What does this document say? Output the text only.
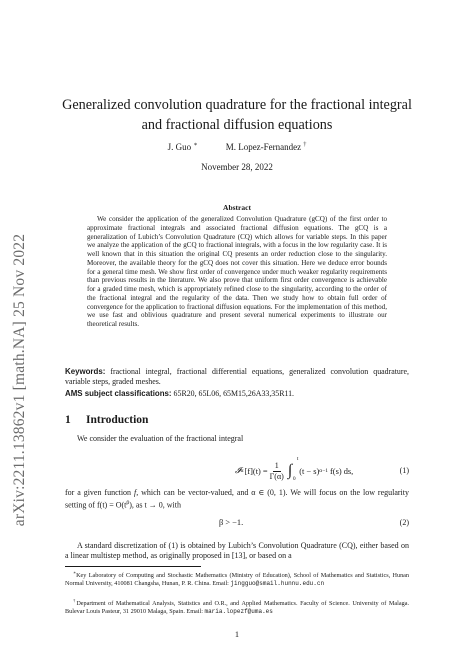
arXiv:2211.13862v1 [math.NA] 25 Nov 2022
Generalized convolution quadrature for the fractional integral
and fractional diffusion equations
J. Guo ∗	M. Lopez-Fernandez †
November 28, 2022
Abstract
We consider the application of the generalized Convolution Quadrature (gCQ) of the first order to approximate fractional integrals and associated fractional diffusion equations. The gCQ is a generalization of Lubich’s Convolution Quadrature (CQ) which allows for variable steps. In this paper we analyze the application of the gCQ to fractional integrals, with a focus in the low regularity case. It is well known that in this situation the original CQ presents an order reduction close to the singularity. Moreover, the available theory for the gCQ does not cover this situation. Here we deduce error bounds for a general time mesh. We show first order of convergence under much weaker regularity requirements than previous results in the literature. We also prove that uniform first order convergence is achievable for a graded time mesh, which is appropriately refined close to the singularity, according to the order of the fractional integral and the regularity of the data. Then we study how to obtain full order of convergence for the application to fractional diffusion equations. For the implementation of this method, we use fast and oblivious quadrature and present several numerical experiments to illustrate our theoretical results.
Keywords: fractional integral, fractional differential equations, generalized convolution quadrature, variable steps, graded meshes.
AMS subject classifications: 65R20, 65L06, 65M15,26A33,35R11.
1 Introduction
We consider the evaluation of the fractional integral
𝓘 α $[f](t) = \frac{1}{\Gamma(\alpha)}$ ∫
t
0
(t − s) α−1 f(s) ds,	(1)
for a given function f, which can be vector-valued, and α ∈ (0, 1). We will focus on the low regularity setting of $f(t) = O(t^\beta)$, as t → 0, with
β > −1.	(2)
A standard discretization of (1) is obtained by Lubich’s Convolution Quadrature (CQ), either based on a linear multistep method, as originally proposed in [13], or based on a
∗Key Laboratory of Computing and Stochastic Mathematics (Ministry of Education), School of Mathematics and Statistics, Hunan Normal University, 410081 Changsha, Hunan, P. R. China. Email: jingguo@smail.hunnu.edu.cn
†Department of Mathematical Analysis, Statistics and O.R., and Applied Mathematics. Faculty of Science. University of Malaga. Bulevar Louis Pasteur, 31 29010 Malaga, Spain. Email: maria.lopezf@uma.es
1
